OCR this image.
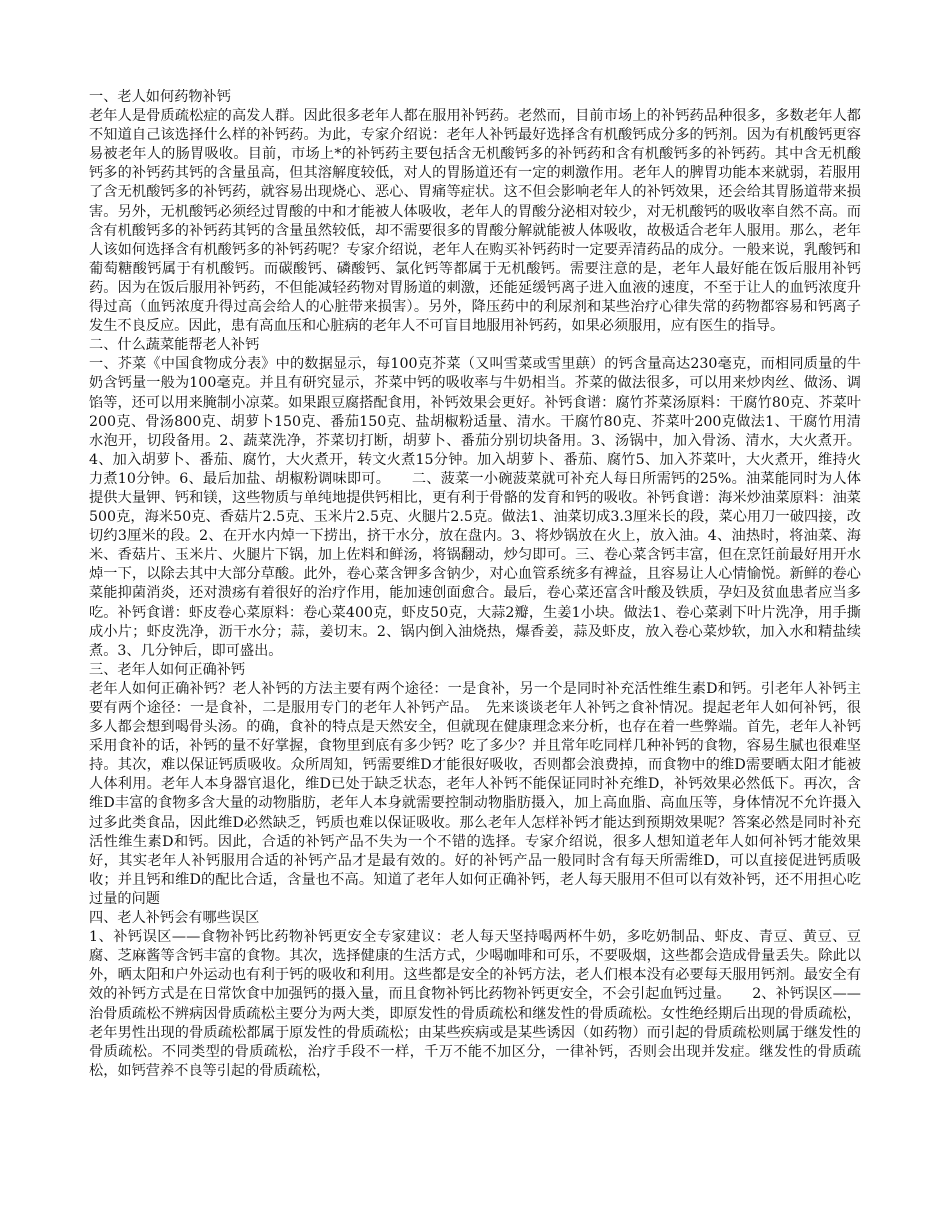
一、老人如何药物补钙

老年人是骨质疏松症的高发人群。因此很多老年人都在服用补钙药。老然而，目前市场上的补钙药品种很多，多数老年人都不知道自己该选择什么样的补钙药。为此，专家介绍说：老年人补钙最好选择含有机酸钙成分多的钙剂。因为有机酸钙更容易被老年人的肠胃吸收。目前，市场上*的补钙药主要包括含无机酸钙多的补钙药和含有机酸钙多的补钙药。其中含无机酸钙多的补钙药其钙的含量虽高，但其溶解度较低，对人的胃肠道还有一定的刺激作用。老年人的脾胃功能本来就弱，若服用了含无机酸钙多的补钙药，就容易出现烧心、恶心、胃痛等症状。这不但会影响老年人的补钙效果，还会给其胃肠道带来损害。另外，无机酸钙必须经过胃酸的中和才能被人体吸收，老年人的胃酸分泌相对较少，对无机酸钙的吸收率自然不高。而含有机酸钙多的补钙药其钙的含量虽然较低，却不需要很多的胃酸分解就能被人体吸收，故极适合老年人服用。那么，老年人该如何选择含有机酸钙多的补钙药呢？专家介绍说，老年人在购买补钙药时一定要弄清药品的成分。一般来说，乳酸钙和葡萄糖酸钙属于有机酸钙。而碳酸钙、磷酸钙、氯化钙等都属于无机酸钙。需要注意的是，老年人最好能在饭后服用补钙药。因为在饭后服用补钙药，不但能减轻药物对胃肠道的刺激，还能延缓钙离子进入血液的速度，不至于让人的血钙浓度升得过高（血钙浓度升得过高会给人的心脏带来损害）。另外，降压药中的利尿剂和某些治疗心律失常的药物都容易和钙离子发生不良反应。因此，患有高血压和心脏病的老年人不可盲目地服用补钙药，如果必须服用，应有医生的指导。

二、什么蔬菜能帮老人补钙

一、芥菜《中国食物成分表》中的数据显示，每100克芥菜（又叫雪菜或雪里蕻）的钙含量高达230毫克，而相同质量的牛奶含钙量一般为100毫克。并且有研究显示，芥菜中钙的吸收率与牛奶相当。芥菜的做法很多，可以用来炒肉丝、做汤、调馅等，还可以用来腌制小凉菜。如果跟豆腐搭配食用，补钙效果会更好。补钙食谱：腐竹芥菜汤原料：干腐竹80克、芥菜叶200克、骨汤800克、胡萝卜150克、番茄150克、盐胡椒粉适量、清水。干腐竹80克、芥菜叶200克做法1、干腐竹用清水泡开，切段备用。2、蔬菜洗净，芥菜切打断，胡萝卜、番茄分别切块备用。3、汤锅中，加入骨汤、清水，大火煮开。4、加入胡萝卜、番茄、腐竹，大火煮开，转文火煮15分钟。加入胡萝卜、番茄、腐竹5、加入芥菜叶，大火煮开，维持火力煮10分钟。6、最后加盐、胡椒粉调味即可。　　二、菠菜一小碗菠菜就可补充人每日所需钙的25%。油菜能同时为人体提供大量钾、钙和镁，这些物质与单纯地提供钙相比，更有利于骨骼的发育和钙的吸收。补钙食谱：海米炒油菜原料：油菜500克，海米50克、香菇片2.5克、玉米片2.5克、火腿片2.5克。做法1、油菜切成3.3厘米长的段，菜心用刀一破四接，改切约3厘米的段。2、在开水内焯一下捞出，挤干水分，放在盘内。3、将炒锅放在火上，放入油。4、油热时，将油菜、海米、香菇片、玉米片、火腿片下锅，加上佐料和鲜汤，将锅翻动，炒匀即可。三、卷心菜含钙丰富，但在烹饪前最好用开水焯一下，以除去其中大部分草酸。此外，卷心菜含钾多含钠少，对心血管系统多有裨益，且容易让人心情愉悦。新鲜的卷心菜能抑菌消炎，还对溃疡有着很好的治疗作用，能加速创面愈合。最后，卷心菜还富含叶酸及铁质，孕妇及贫血患者应当多吃。补钙食谱：虾皮卷心菜原料：卷心菜400克，虾皮50克，大蒜2瓣，生姜1小块。做法1、卷心菜剥下叶片洗净，用手撕成小片；虾皮洗净，沥干水分；蒜，姜切末。2、锅内倒入油烧热，爆香姜，蒜及虾皮，放入卷心菜炒软，加入水和精盐续煮。3、几分钟后，即可盛出。

三、老年人如何正确补钙

老年人如何正确补钙？老人补钙的方法主要有两个途径：一是食补，另一个是同时补充活性维生素D和钙。引老年人补钙主要有两个途径：一是食补，二是服用专门的老年人补钙产品。　先来谈谈老年人补钙之食补情况。提起老年人如何补钙，很多人都会想到喝骨头汤。的确，食补的特点是天然安全，但就现在健康理念来分析，也存在着一些弊端。首先，老年人补钙采用食补的话，补钙的量不好掌握，食物里到底有多少钙？吃了多少？并且常年吃同样几种补钙的食物，容易生腻也很难坚持。其次，难以保证钙质吸收。众所周知，钙需要维D才能很好吸收，否则都会浪费掉，而食物中的维D需要晒太阳才能被人体利用。老年人本身器官退化，维D已处于缺乏状态，老年人补钙不能保证同时补充维D，补钙效果必然低下。再次，含维D丰富的食物多含大量的动物脂肪，老年人本身就需要控制动物脂肪摄入，加上高血脂、高血压等，身体情况不允许摄入过多此类食品，因此维D必然缺乏，钙质也难以保证吸收。那么老年人怎样补钙才能达到预期效果呢？答案必然是同时补充活性维生素D和钙。因此，合适的补钙产品不失为一个不错的选择。专家介绍说，很多人想知道老年人如何补钙才能效果好，其实老年人补钙服用合适的补钙产品才是最有效的。好的补钙产品一般同时含有每天所需维D，可以直接促进钙质吸收；并且钙和维D的配比合适，含量也不高。知道了老年人如何正确补钙，老人每天服用不但可以有效补钙，还不用担心吃过量的问题

四、老人补钙会有哪些误区

1、补钙误区——食物补钙比药物补钙更安全专家建议：老人每天坚持喝两杯牛奶，多吃奶制品、虾皮、青豆、黄豆、豆腐、芝麻酱等含钙丰富的食物。其次，选择健康的生活方式，少喝咖啡和可乐，不要吸烟，这些都会造成骨量丢失。除此以外，晒太阳和户外运动也有利于钙的吸收和利用。这些都是安全的补钙方法，老人们根本没有必要每天服用钙剂。最安全有效的补钙方式是在日常饮食中加强钙的摄入量，而且食物补钙比药物补钙更安全，不会引起血钙过量。　　2、补钙误区——治骨质疏松不辨病因骨质疏松主要分为两大类，即原发性的骨质疏松和继发性的骨质疏松。女性绝经期后出现的骨质疏松，老年男性出现的骨质疏松都属于原发性的骨质疏松；由某些疾病或是某些诱因（如药物）而引起的骨质疏松则属于继发性的骨质疏松。不同类型的骨质疏松，治疗手段不一样，千万不能不加区分，一律补钙，否则会出现并发症。继发性的骨质疏松，如钙营养不良等引起的骨质疏松，
